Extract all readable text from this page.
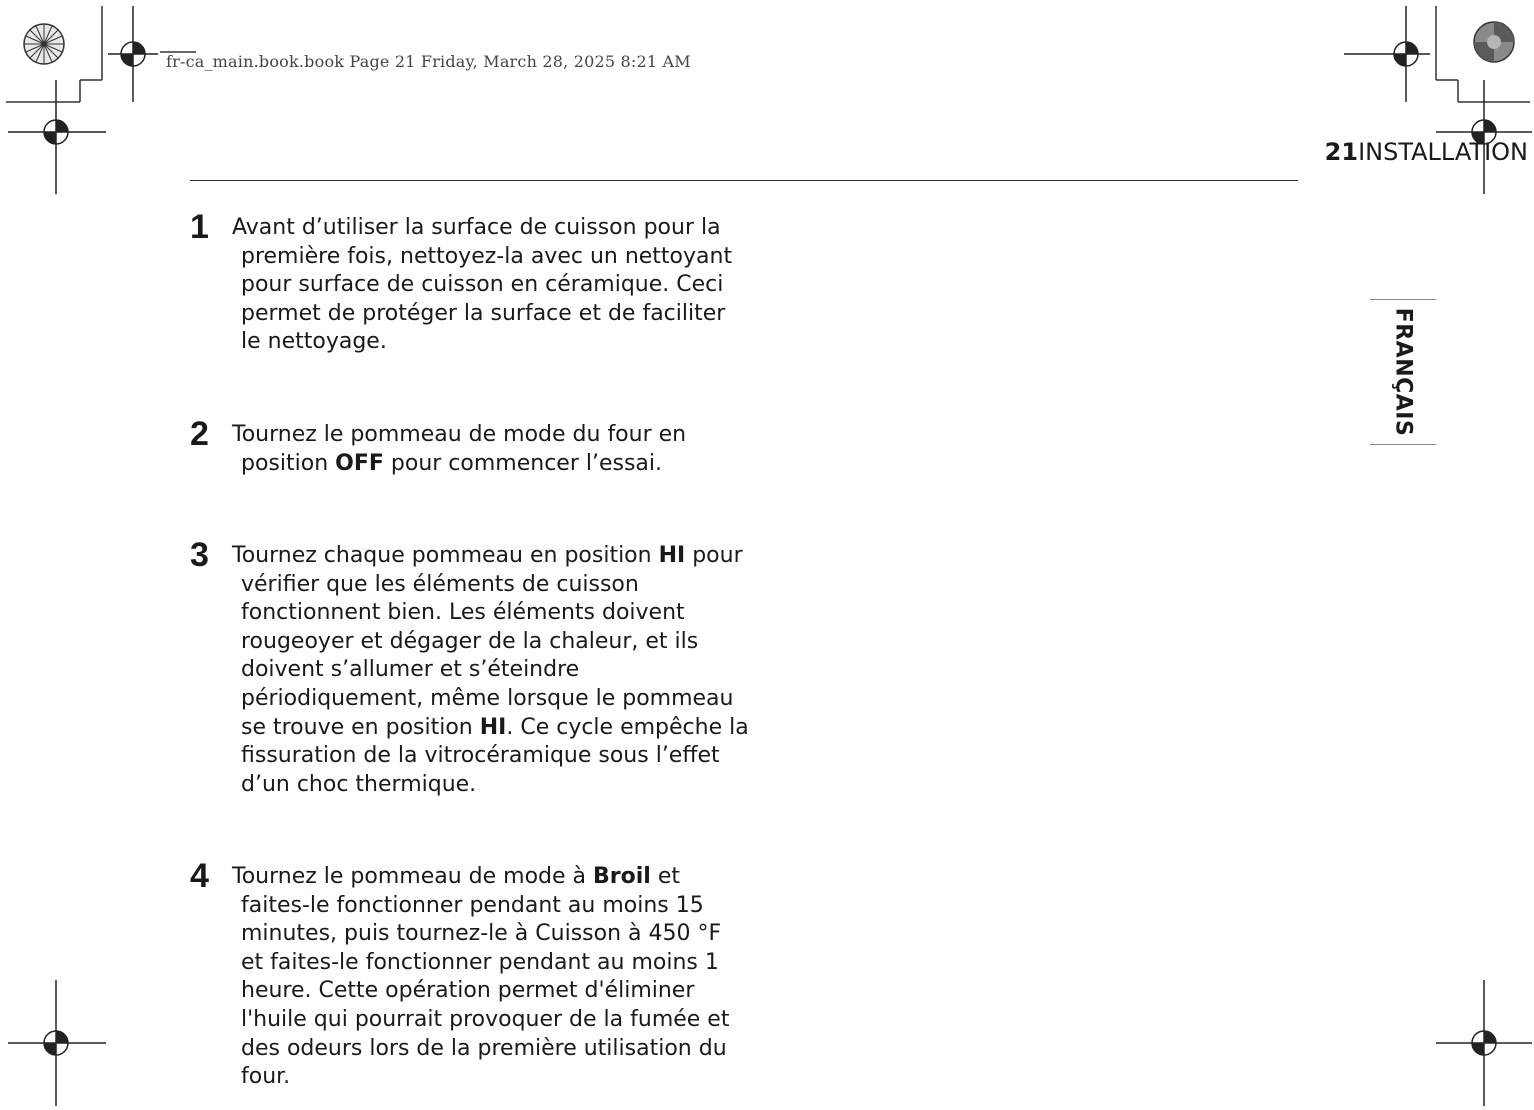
fr-ca_main.book.book Page 21 Friday, March 28, 2025 8:21 AM
21INSTALLATION
FRANÇAIS
1	Avant d’utiliser la surface de cuisson pour la première fois, nettoyez-la avec un nettoyant pour surface de cuisson en céramique. Ceci permet de protéger la surface et de faciliter le nettoyage.

2	Tournez le pommeau de mode du four en position OFF pour commencer l’essai.

3	Tournez chaque pommeau en position HI pour vérifier que les éléments de cuisson fonctionnent bien. Les éléments doivent rougeoyer et dégager de la chaleur, et ils doivent s’allumer et s’éteindre périodiquement, même lorsque le pommeau se trouve en position HI. Ce cycle empêche la fissuration de la vitrocéramique sous l’effet d’un choc thermique.

4	Tournez le pommeau de mode à Broil et faites-le fonctionner pendant au moins 15 minutes, puis tournez-le à Cuisson à 450 °F et faites-le fonctionner pendant au moins 1 heure. Cette opération permet d'éliminer l'huile qui pourrait provoquer de la fumée et des odeurs lors de la première utilisation du four.
